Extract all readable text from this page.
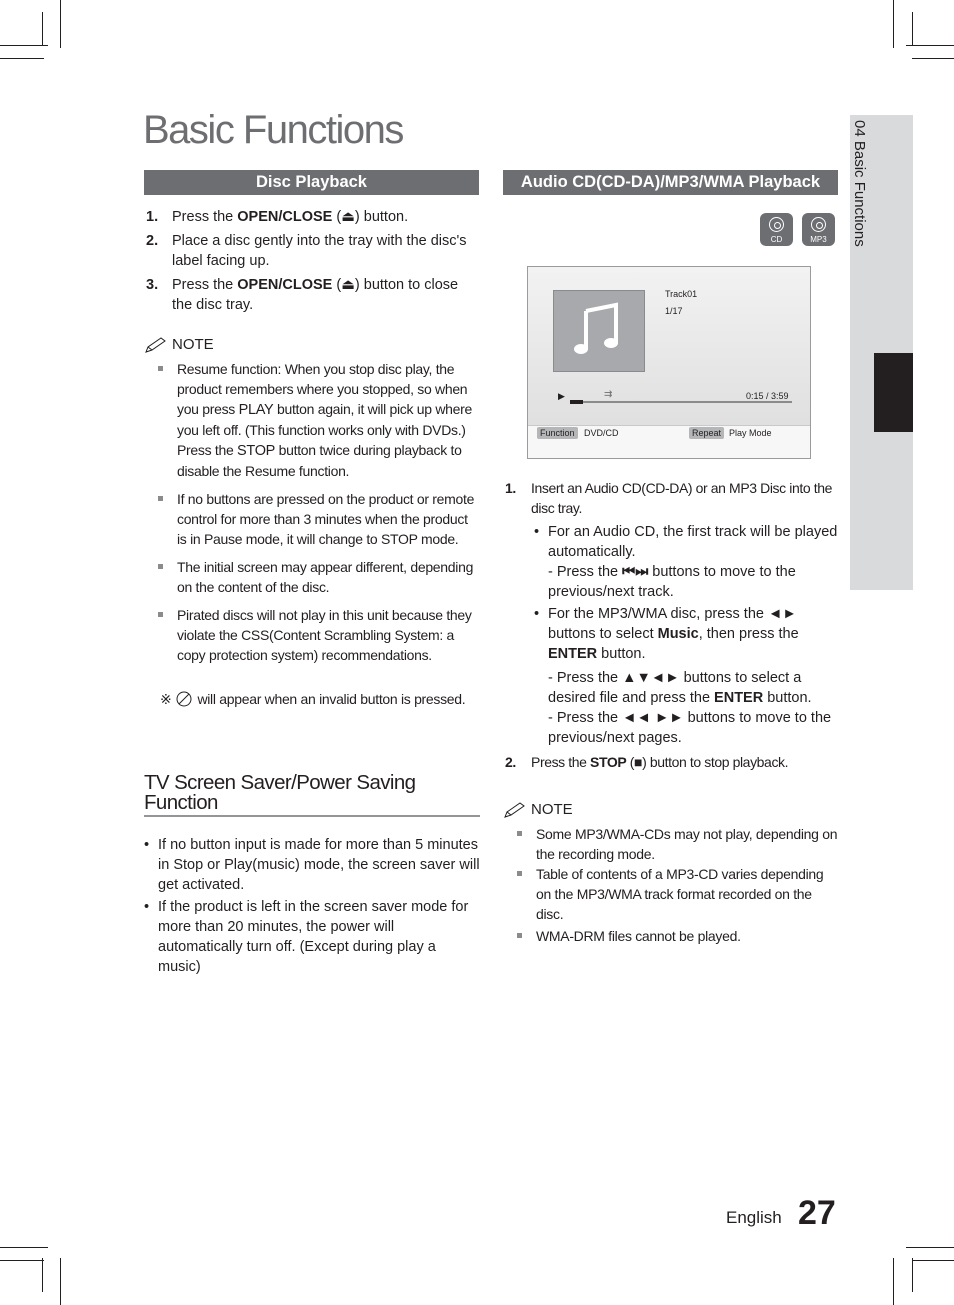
Basic Functions	04 Basic Functions
Disc Playback
1. Press the OPEN/CLOSE (⏏) button.
2. Place a disc gently into the tray with the disc's label facing up.
3. Press the OPEN/CLOSE (⏏) button to close the disc tray.
NOTE
Resume function: When you stop disc play, the product remembers where you stopped, so when you press PLAY button again, it will pick up where you left off. (This function works only with DVDs.)
Press the STOP button twice during playback to disable the Resume function.
If no buttons are pressed on the product or remote control for more than 3 minutes when the product is in Pause mode, it will change to STOP mode.
The initial screen may appear different, depending on the content of the disc.
Pirated discs will not play in this unit because they violate the CSS(Content Scrambling System: a copy protection system) recommendations.
※ will appear when an invalid button is pressed.
TV Screen Saver/Power Saving Function
• If no button input is made for more than 5 minutes in Stop or Play(music) mode, the screen saver will get activated.
• If the product is left in the screen saver mode for more than 20 minutes, the power will automatically turn off. (Except during play a music)
Audio CD(CD-DA)/MP3/WMA Playback
CD	MP3
Track01
1/17
▶	⇉	0:15 / 3:59
Function	DVD/CD	Repeat Play Mode
1. Insert an Audio CD(CD-DA) or an MP3 Disc into the disc tray.
• For an Audio CD, the first track will be played automatically.
- Press the ⏮⏭ buttons to move to the previous/next track.
• For the MP3/WMA disc, press the ◄► buttons to select Music, then press the ENTER button.
- Press the ▲▼◄► buttons to select a desired file and press the ENTER button.
- Press the ◄◄ ►► buttons to move to the previous/next pages.
2. Press the STOP (■) button to stop playback.
NOTE
Some MP3/WMA-CDs may not play, depending on the recording mode.
Table of contents of a MP3-CD varies depending on the MP3/WMA track format recorded on the disc.
WMA-DRM files cannot be played.
English 27
